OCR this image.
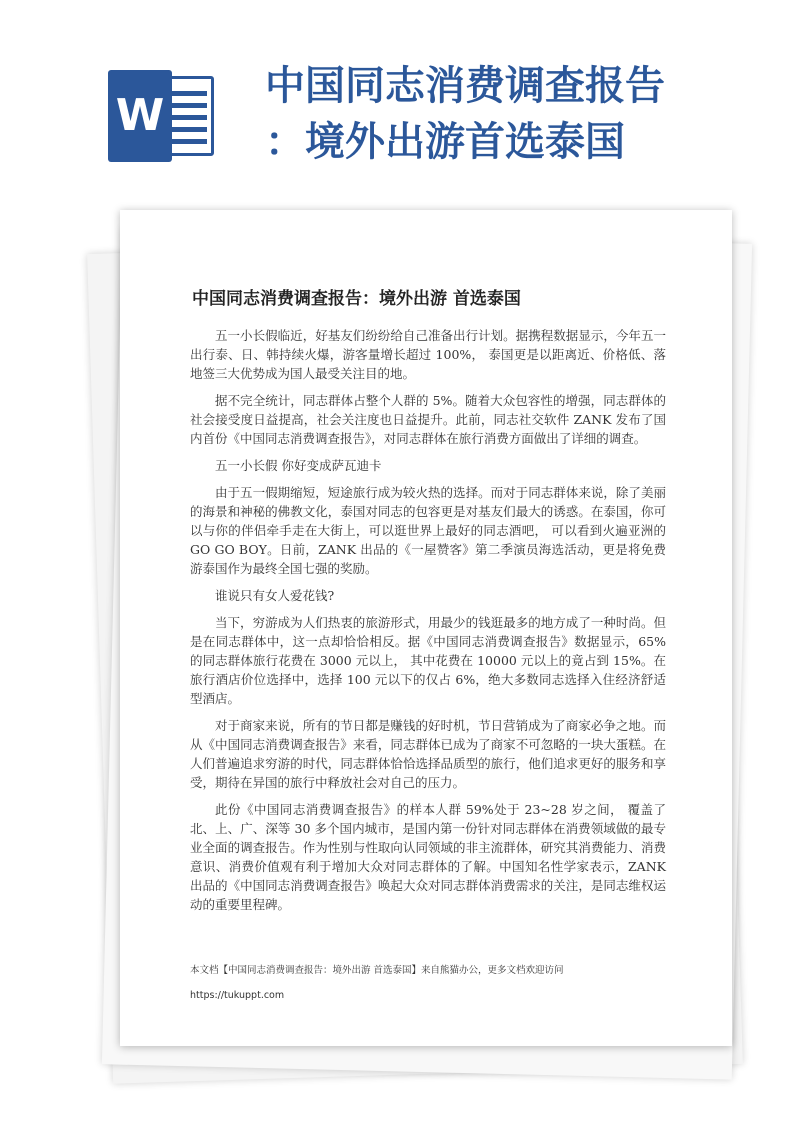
W
中国同志消费调查报告
：境外出游首选泰国
中国同志消费调查报告：境外出游 首选泰国

五一小长假临近，好基友们纷纷给自己准备出行计划。据携程数据显示，今年五一出行泰、日、韩持续火爆，游客量增长超过 100%， 泰国更是以距离近、价格低、落地签三大优势成为国人最受关注目的地。

据不完全统计，同志群体占整个人群的 5%。随着大众包容性的增强，同志群体的社会接受度日益提高，社会关注度也日益提升。此前，同志社交软件 ZANK 发布了国内首份《中国同志消费调查报告》，对同志群体在旅行消费方面做出了详细的调查。

五一小长假 你好变成萨瓦迪卡

由于五一假期缩短，短途旅行成为较火热的选择。而对于同志群体来说，除了美丽的海景和神秘的佛教文化，泰国对同志的包容更是对基友们最大的诱惑。在泰国，你可以与你的伴侣牵手走在大街上，可以逛世界上最好的同志酒吧， 可以看到火遍亚洲的 GO GO BOY。日前，ZANK 出品的《一屋赞客》第二季演员海选活动，更是将免费游泰国作为最终全国七强的奖励。

谁说只有女人爱花钱?

当下，穷游成为人们热衷的旅游形式，用最少的钱逛最多的地方成了一种时尚。但是在同志群体中，这一点却恰恰相反。据《中国同志消费调查报告》数据显示，65%的同志群体旅行花费在 3000 元以上， 其中花费在 10000 元以上的竟占到 15%。在旅行酒店价位选择中，选择 100 元以下的仅占 6%，绝大多数同志选择入住经济舒适型酒店。

对于商家来说，所有的节日都是赚钱的好时机，节日营销成为了商家必争之地。而从《中国同志消费调查报告》来看，同志群体已成为了商家不可忽略的一块大蛋糕。在人们普遍追求穷游的时代，同志群体恰恰选择品质型的旅行，他们追求更好的服务和享受，期待在异国的旅行中释放社会对自己的压力。

此份《中国同志消费调查报告》的样本人群 59%处于 23~28 岁之间， 覆盖了北、上、广、深等 30 多个国内城市，是国内第一份针对同志群体在消费领域做的最专业全面的调查报告。作为性别与性取向认同领域的非主流群体，研究其消费能力、消费意识、消费价值观有利于增加大众对同志群体的了解。中国知名性学家表示，ZANK 出品的《中国同志消费调查报告》唤起大众对同志群体消费需求的关注，是同志维权运动的重要里程碑。

本文档【中国同志消费调查报告：境外出游 首选泰国】来自熊猫办公，更多文档欢迎访问
https://tukuppt.com
